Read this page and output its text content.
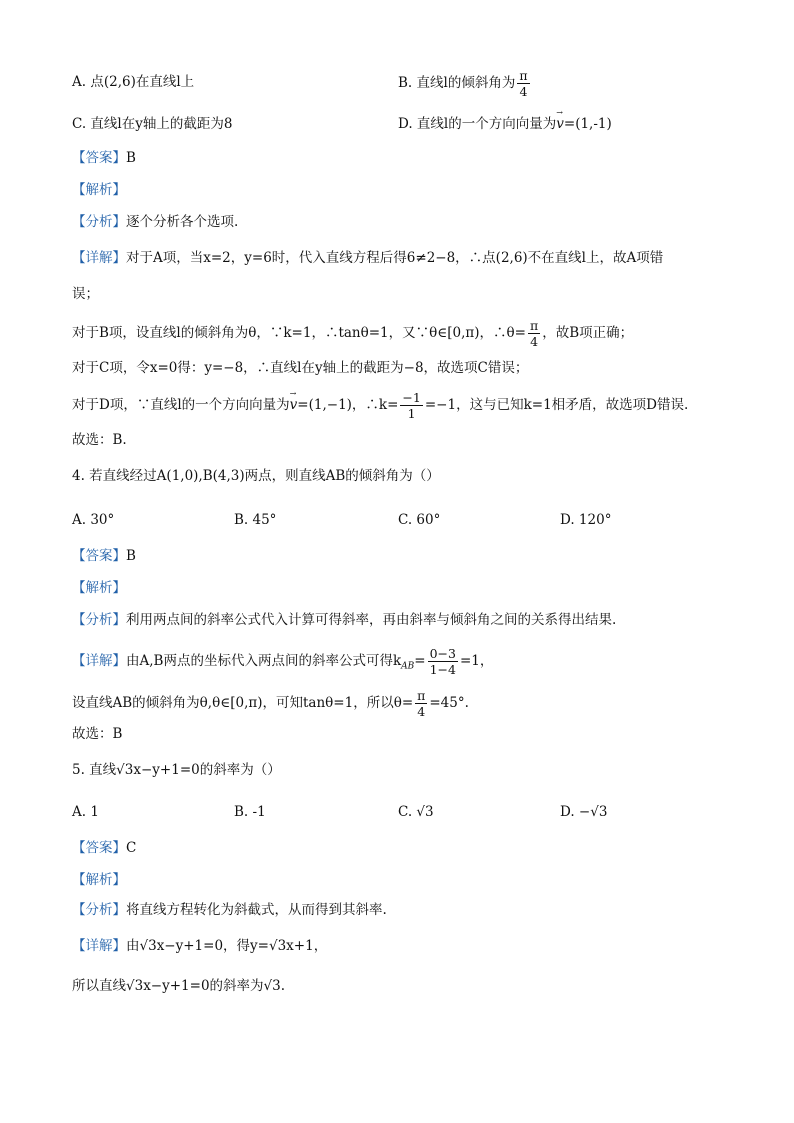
A. 点(2,6)在直线l上	B. 直线l的倾斜角为 $\frac{\pi}{4}$
C. 直线l在y轴上的截距为8	D. 直线l的一个方向向量为→ v=(1,-1)
【答案】B
【解析】
【分析】逐个分析各个选项.
【详解】对于A项，当x=2，y=6时，代入直线方程后得6≠2−8，∴点(2,6)不在直线l上，故A项错
误；
对于B项，设直线l的倾斜角为θ，∵k=1，∴tanθ=1，又∵θ∈[0,π)，∴θ= $\frac{\pi}{4}$ ，故B项正确；
对于C项，令x=0得：y=−8，∴直线l在y轴上的截距为−8，故选项C错误；
对于D项，∵直线l的一个方向向量为→ v=(1,−1)，∴k= $\frac{-1}{1} =-1$，这与已知k=1相矛盾，故选项D错误.
故选：B.
4. 若直线经过A(1,0),B(4,3)两点，则直线AB的倾斜角为（）
A. 30°	B. 45°	C. 60°	D. 120°
【答案】B
【解析】
【分析】利用两点间的斜率公式代入计算可得斜率，再由斜率与倾斜角之间的关系得出结果.
【详解】由A,B两点的坐标代入两点间的斜率公式可得$k_{AB}= \frac{0-3}{1-4} =1$，
设直线AB的倾斜角为θ,θ∈[0,π)，可知tanθ=1，所以$\theta= \frac{\pi}{4} =45^\circ$.
故选：B
5. 直线√3x−y+1=0的斜率为（）
A. 1	B. -1	C. √3	D. −√3
【答案】C
【解析】
【分析】将直线方程转化为斜截式，从而得到其斜率.
【详解】由√3x−y+1=0，得y=√3x+1，
所以直线√3x−y+1=0的斜率为√3.
